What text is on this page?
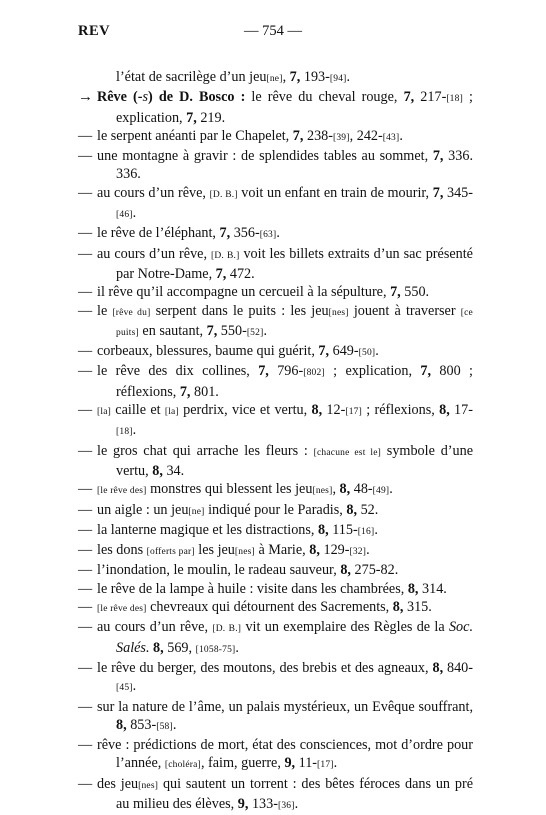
REV	— 754 —

l’état de sacrilège d’un jeu[ne], 7, 193-[94].

→ Rêve (-s) de D. Bosco : le rêve du cheval rouge, 7, 217-[18] ; explication, 7, 219.

— le serpent anéanti par le Chapelet, 7, 238-[39], 242-[43].

— une montagne à gravir : de splendides tables au sommet, 7, 336. 336.

— au cours d’un rêve, [D. B.] voit un enfant en train de mourir, 7, 345-[46].

— le rêve de l’éléphant, 7, 356-[63].

— au cours d’un rêve, [D. B.] voit les billets extraits d’un sac présenté par Notre-Dame, 7, 472.

— il rêve qu’il accompagne un cercueil à la sépulture, 7, 550.

— le [rêve du] serpent dans le puits : les jeu[nes] jouent à traverser [ce puits] en sautant, 7, 550-[52].

— corbeaux, blessures, baume qui guérit, 7, 649-[50].

— le rêve des dix collines, 7, 796-[802] ; explication, 7, 800 ; réflexions, 7, 801.

— [la] caille et [la] perdrix, vice et vertu, 8, 12-[17] ; réflexions, 8, 17-[18].

— le gros chat qui arrache les fleurs : [chacune est le] symbole d’une vertu, 8, 34.

— [le rêve des] monstres qui blessent les jeu[nes], 8, 48-[49].

— un aigle : un jeu[ne] indiqué pour le Paradis, 8, 52.

— la lanterne magique et les distractions, 8, 115-[16].

— les dons [offerts par] les jeu[nes] à Marie, 8, 129-[32].

— l’inondation, le moulin, le radeau sauveur, 8, 275-82.

— le rêve de la lampe à huile : visite dans les chambrées, 8, 314.

— [le rêve des] chevreaux qui détournent des Sacrements, 8, 315.

— au cours d’un rêve, [D. B.] vit un exemplaire des Règles de la Soc. Salés. 8, 569, [1058-75].

— le rêve du berger, des moutons, des brebis et des agneaux, 8, 840-[45].

— sur la nature de l’âme, un palais mystérieux, un Evêque souffrant, 8, 853-[58].

— rêve : prédictions de mort, état des consciences, mot d’ordre pour l’année, [choléra], faim, guerre, 9, 11-[17].

— des jeu[nes] qui sautent un torrent : des bêtes féroces dans un pré au milieu des élèves, 9, 133-[36].
